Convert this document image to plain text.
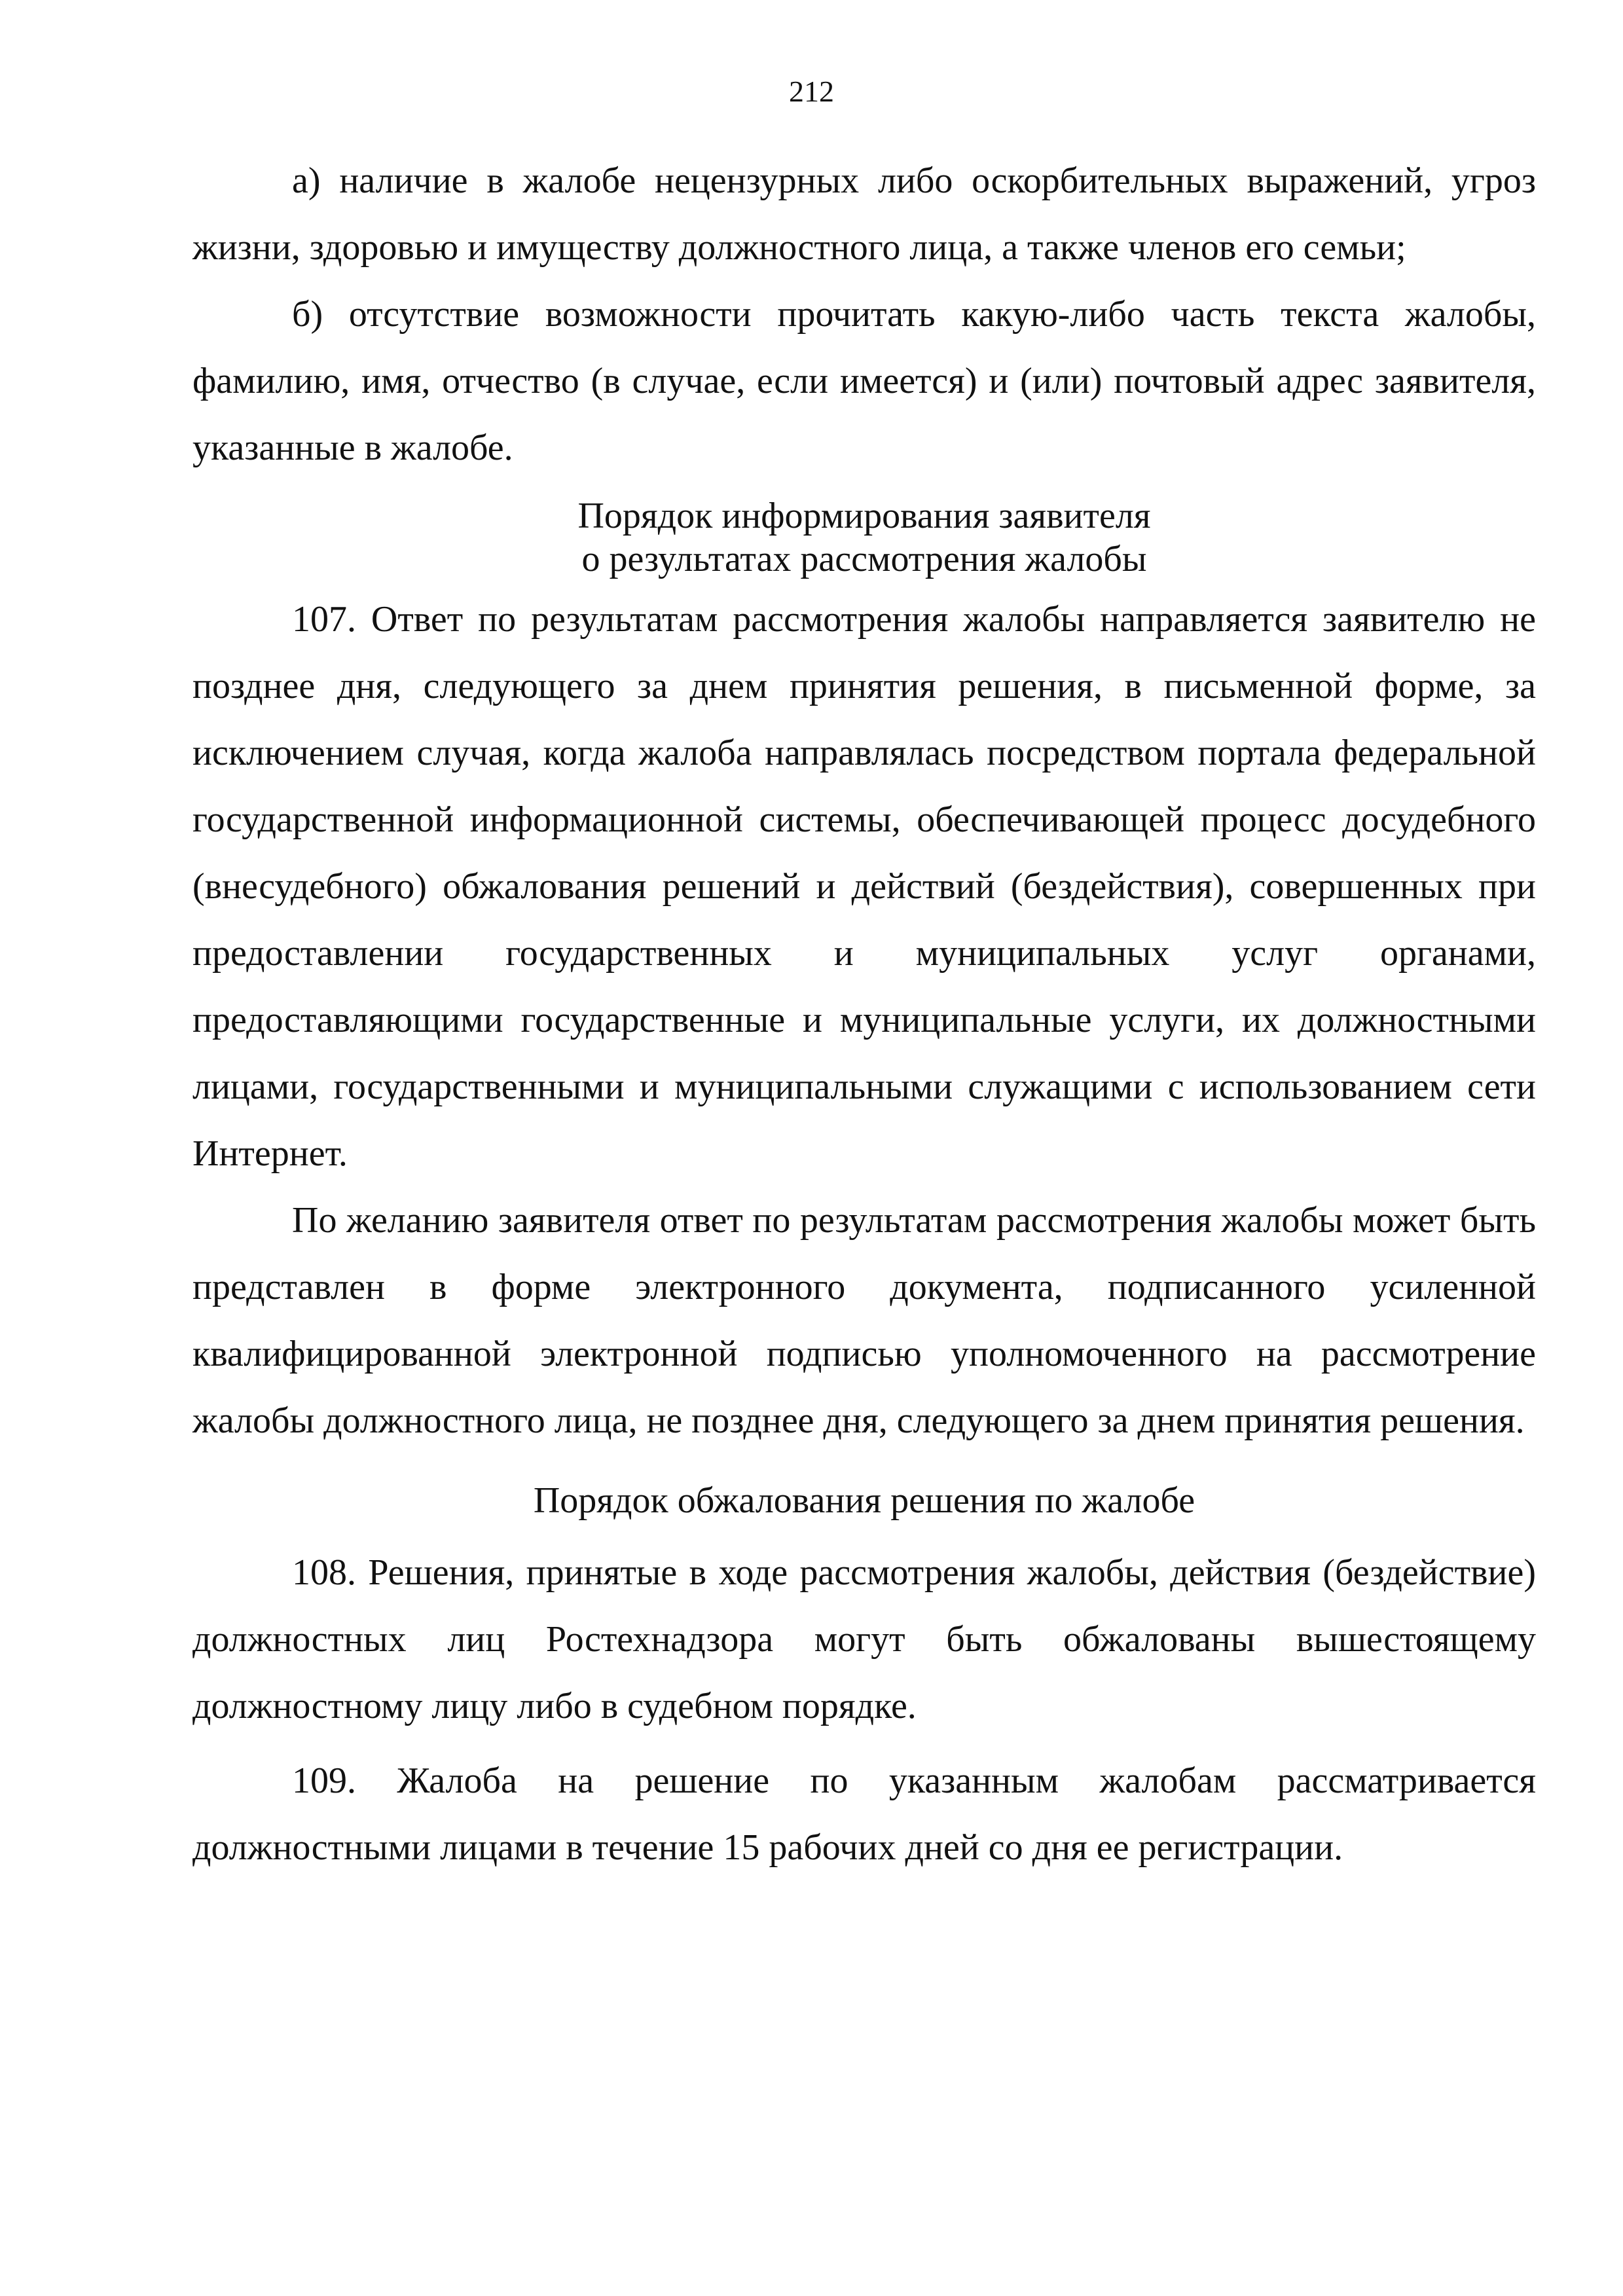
212

а) наличие в жалобе нецензурных либо оскорбительных выражений, угроз жизни, здоровью и имуществу должностного лица, а также членов его семьи;

б) отсутствие возможности прочитать какую-либо часть текста жалобы, фамилию, имя, отчество (в случае, если имеется) и (или) почтовый адрес заявителя, указанные в жалобе.

Порядок информирования заявителя

о результатах рассмотрения жалобы

107. Ответ по результатам рассмотрения жалобы направляется заявителю не позднее дня, следующего за днем принятия решения, в письменной форме, за исключением случая, когда жалоба направлялась посредством портала федеральной государственной информационной системы, обеспечивающей процесс досудебного (внесудебного) обжалования решений и действий (бездействия), совершенных при предоставлении государственных и муниципальных услуг органами, предоставляющими государственные и муниципальные услуги, их должностными лицами, государственными и муниципальными служащими с использованием сети Интернет.

По желанию заявителя ответ по результатам рассмотрения жалобы может быть представлен в форме электронного документа, подписанного усиленной квалифицированной электронной подписью уполномоченного на рассмотрение жалобы должностного лица, не позднее дня, следующего за днем принятия решения.

Порядок обжалования решения по жалобе

108. Решения, принятые в ходе рассмотрения жалобы, действия (бездействие) должностных лиц Ростехнадзора могут быть обжалованы вышестоящему должностному лицу либо в судебном порядке.

109. Жалоба на решение по указанным жалобам рассматривается должностными лицами в течение 15 рабочих дней со дня ее регистрации.
